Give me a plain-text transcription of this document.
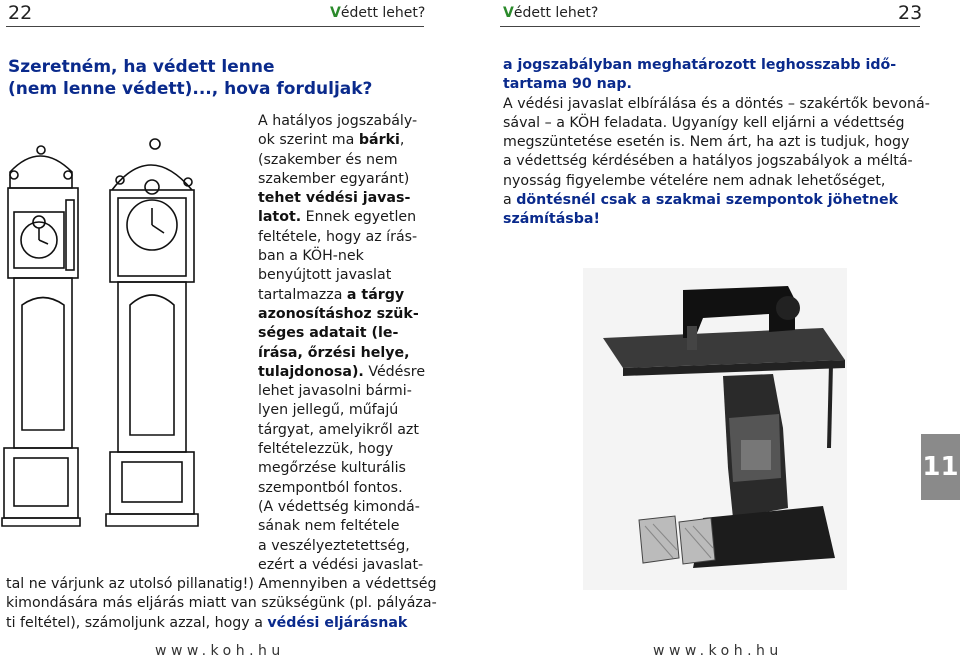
22	Védett lehet?
Szeretném, ha védett lenne
(nem lenne védett)..., hova forduljak?
A hatályos jogszabály-
ok szerint ma bárki,
(szakember és nem
szakember egyaránt)
tehet védési javas-
latot. Ennek egyetlen
feltétele, hogy az írás-
ban a KÖH-nek
benyújtott javaslat
tartalmazza a tárgy
azonosításhoz szük-
séges adatait (le-
írása, őrzési helye,
tulajdonosa). Védésre
lehet javasolni bármi-
lyen jellegű, műfajú
tárgyat, amelyikről azt
feltételezzük, hogy
megőrzése kulturális
szempontból fontos.
(A védettség kimondá-
sának nem feltétele
a veszélyeztetettség,
ezért a védési javaslat-
tal ne várjunk az utolsó pillanatig!) Amennyiben a védettség
kimondására más eljárás miatt van szükségünk (pl. pályáza-
ti feltétel), számoljunk azzal, hogy a védési eljárásnak
www.koh.hu
Védett lehet?	23
a jogszabályban meghatározott leghosszabb idő-
tartama 90 nap.
A védési javaslat elbírálása és a döntés – szakértők bevoná-
sával – a KÖH feladata. Ugyanígy kell eljárni a védettség
megszüntetése esetén is. Nem árt, ha azt is tudjuk, hogy
a védettség kérdésében a hatályos jogszabályok a méltá-
nyosság figyelembe vételére nem adnak lehetőséget,
a döntésnél csak a szakmai szempontok jöhetnek
számításba!
11
www.koh.hu
